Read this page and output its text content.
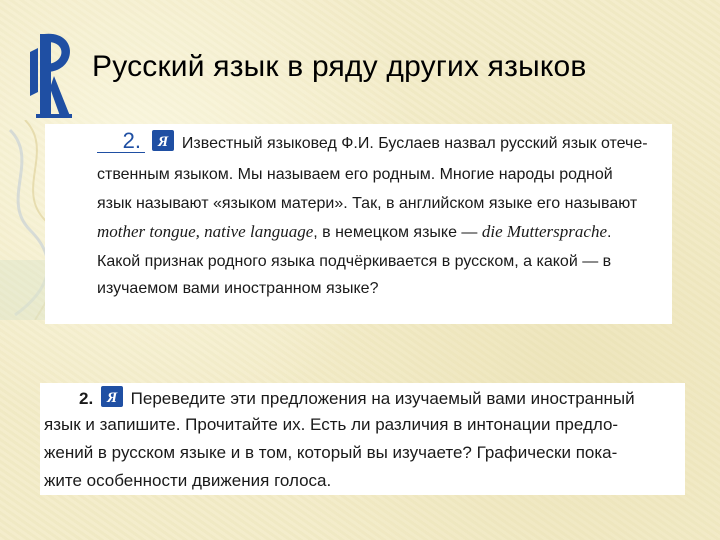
Русский язык в ряду других языков
2. Я Известный языковед Ф.И. Буслаев назвал русский язык отече-
ственным языком. Мы называем его родным. Многие народы родной
язык называют «языком матери». Так, в английском языке его называют
mother tongue, native language, в немецком языке — die Muttersprache.
Какой признак родного языка подчёркивается в русском, а какой — в
изучаемом вами иностранном языке?
2. Я Переведите эти предложения на изучаемый вами иностранный
язык и запишите. Прочитайте их. Есть ли различия в интонации предло-
жений в русском языке и в том, который вы изучаете? Графически пока-
жите особенности движения голоса.
